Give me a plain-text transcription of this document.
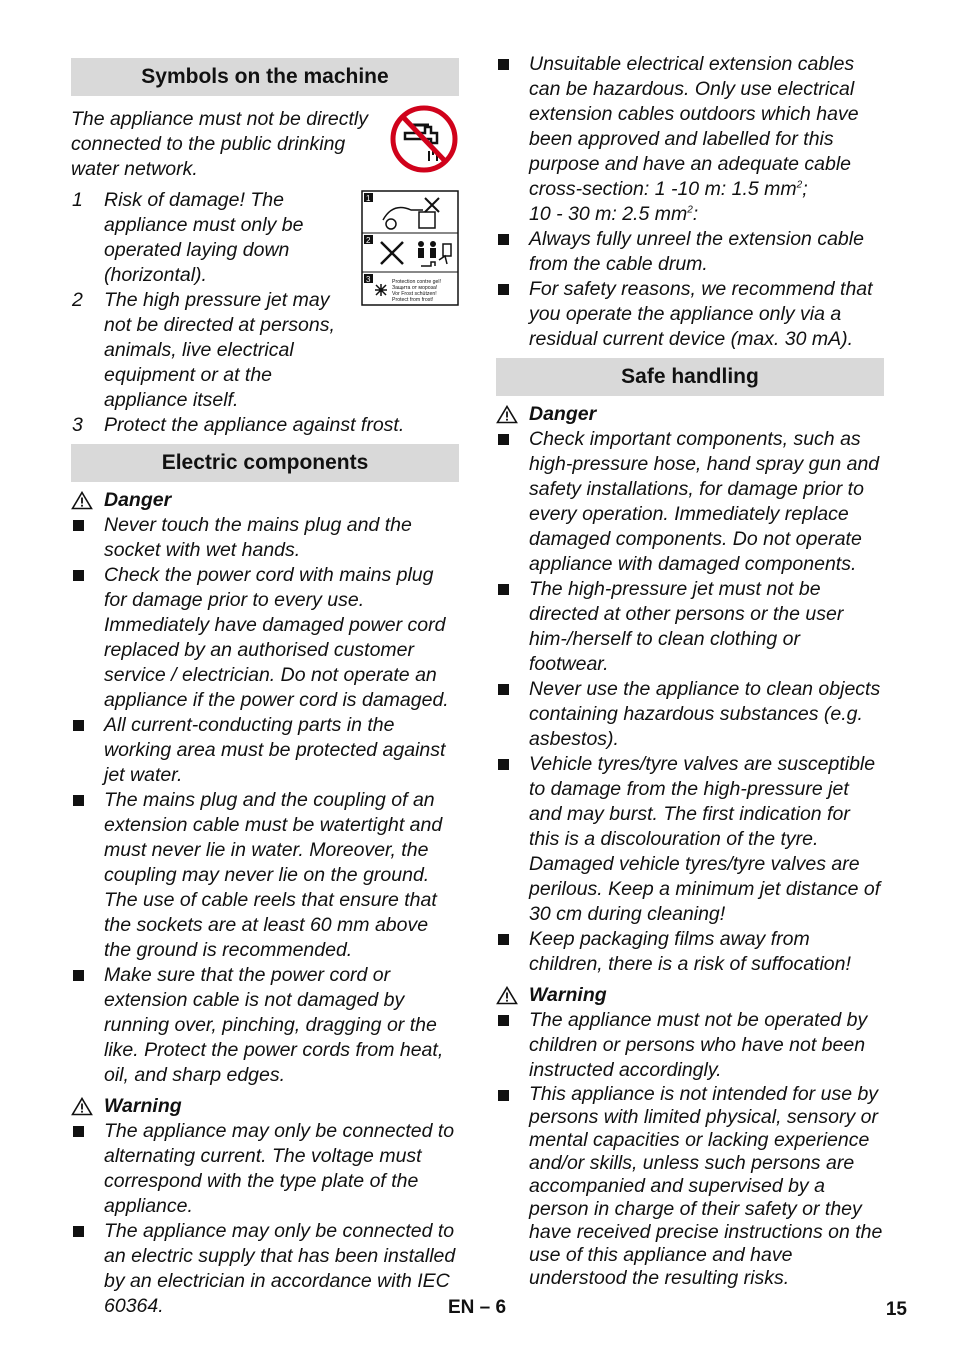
Symbols on the machine

The appliance must not be directly connected to the public drinking water network.

1 Risk of damage! The appliance must only be operated laying down (horizontal).
2 The high pressure jet may not be directed at persons, animals, live electrical equipment or at the appliance itself.
3 Protect the appliance against frost.
1
2
3	Protection contre gel!
Защита от мороза!
Vor Frost schützen!
Protect from frost!
Electric components
Danger
Never touch the mains plug and the socket with wet hands.
Check the power cord with mains plug for damage prior to every use. Immediately have damaged power cord replaced by an authorised customer service / electrician. Do not operate an appliance if the power cord is damaged.
All current-conducting parts in the working area must be protected against jet water.
The mains plug and the coupling of an extension cable must be watertight and must never lie in water. Moreover, the coupling may never lie on the ground. The use of cable reels that ensure that the sockets are at least 60 mm above the ground is recommended.
Make sure that the power cord or extension cable is not damaged by running over, pinching, dragging or the like. Protect the power cords from heat, oil, and sharp edges.
Warning
The appliance may only be connected to alternating current. The voltage must correspond with the type plate of the appliance.
The appliance may only be connected to an electric supply that has been installed by an electrician in accordance with IEC 60364.
Unsuitable electrical extension cables can be hazardous. Only use electrical extension cables outdoors which have been approved and labelled for this purpose and have an adequate cable cross-section: 1 -10 m: 1.5 $mm^2$;
10 - 30 m: 2.5 $mm^2$:
Always fully unreel the extension cable from the cable drum.
For safety reasons, we recommend that you operate the appliance only via a residual current device (max. 30 mA).
Safe handling
Danger
Check important components, such as high-pressure hose, hand spray gun and safety installations, for damage prior to every operation. Immediately replace damaged components. Do not operate appliance with damaged components.
The high-pressure jet must not be directed at other persons or the user him-/herself to clean clothing or footwear.
Never use the appliance to clean objects containing hazardous substances (e.g. asbestos).
Vehicle tyres/tyre valves are susceptible to damage from the high-pressure jet and may burst. The first indication for this is a discolouration of the tyre. Damaged vehicle tyres/tyre valves are perilous. Keep a minimum jet distance of 30 cm during cleaning!
Keep packaging films away from children, there is a risk of suffocation!
Warning
The appliance must not be operated by children or persons who have not been instructed accordingly.
This appliance is not intended for use by persons with limited physical, sensory or mental capacities or lacking experience and/or skills, unless such persons are accompanied and supervised by a person in charge of their safety or they have received precise instructions on the use of this appliance and have understood the resulting risks.
EN – 6	15
